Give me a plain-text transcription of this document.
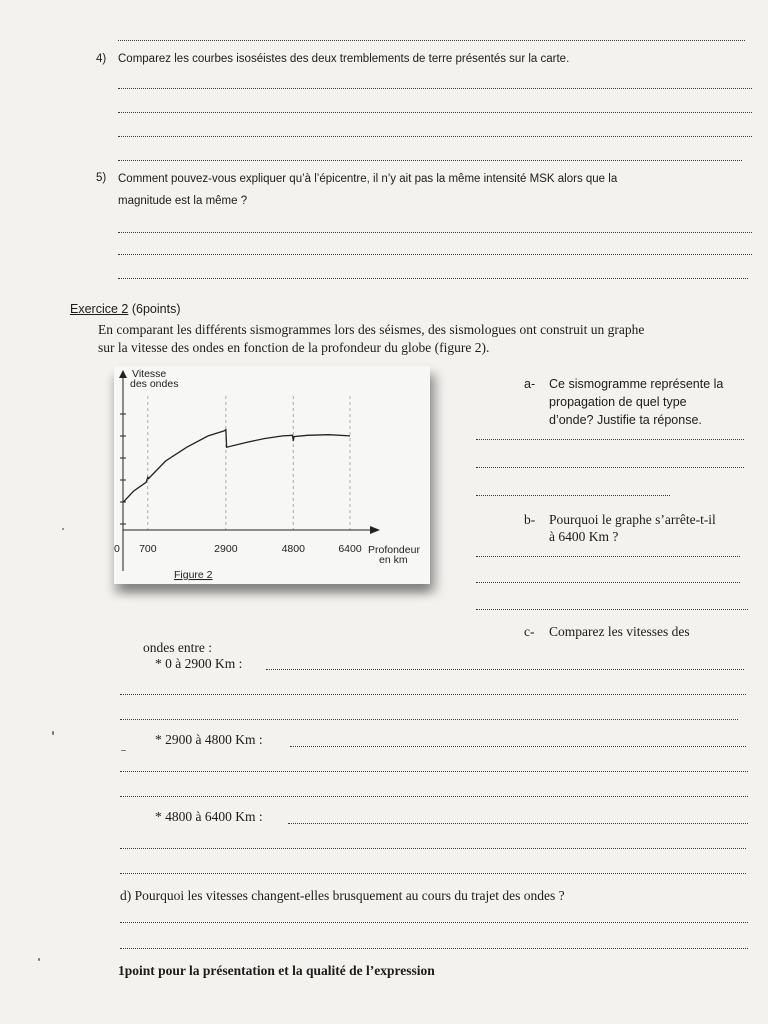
4) Comparez les courbes isoséistes des deux tremblements de terre présentés sur la carte.
5) Comment pouvez-vous expliquer qu’à l’épicentre, il n’y ait pas la même intensité MSK alors que la
magnitude est la même ?
Exercice 2 (6points)
En comparant les différents sismogrammes lors des séismes, des sismologues ont construit un graphe
sur la vitesse des ondes en fonction de la profondeur du globe (figure 2).
Vitesse
des ondes
0 700	2900	4800	6400 Profondeur
en km
Figure 2
a- Ce sismogramme représente la
propagation de quel type
d’onde? Justifie ta réponse.
b- Pourquoi le graphe s’arrête-t-il
à 6400 Km ?
c- Comparez les vitesses des
ondes entre :
* 0 à 2900 Km :
* 2900 à 4800 Km :
* 4800 à 6400 Km :
d) Pourquoi les vitesses changent-elles brusquement au cours du trajet des ondes ?
1point pour la présentation et la qualité de l’expression
